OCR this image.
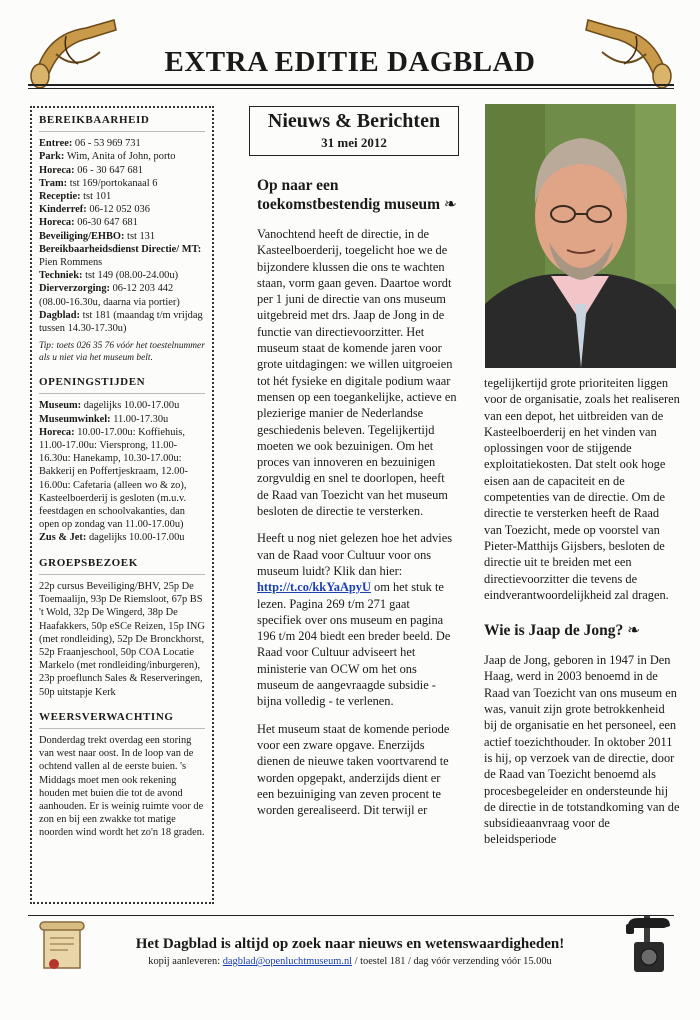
EXTRA EDITIE DAGBLAD
BEREIKBAARHEID
Entree: 06 - 53 969 731
Park: Wim, Anita of John, porto
Horeca: 06 - 30 647 681
Tram: tst 169/portokanaal 6
Receptie: tst 101
Kinderref: 06-12 052 036
Horeca: 06-30 647 681
Beveiliging/EHBO: tst 131
Bereikbaarheidsdienst Directie/ MT: Pien Rommens
Techniek: tst 149 (08.00-24.00u)
Dierverzorging: 06-12 203 442 (08.00-16.30u, daarna via portier)
Dagblad: tst 181 (maandag t/m vrijdag tussen 14.30-17.30u)
Tip: toets 026 35 76 vóór het toestelnummer als u niet via het museum belt.
OPENINGSTIJDEN
Museum: dagelijks 10.00-17.00u
Museumwinkel: 11.00-17.30u
Horeca: 10.00-17.00u: Koffiehuis, 11.00-17.00u: Viersprong, 11.00-16.30u: Hanekamp, 10.30-17.00u: Bakkerij en Poffertjeskraam, 12.00-16.00u: Cafetaria (alleen wo & zo), Kasteelboerderij is gesloten (m.u.v. feestdagen en schoolvakanties, dan open op zondag van 11.00-17.00u)
Zus & Jet: dagelijks 10.00-17.00u
GROEPSBEZOEK
22p cursus Beveiliging/BHV, 25p De Toemaalijn, 93p De Riemsloot, 67p BS 't Wold, 32p De Wingerd, 38p De Haafakkers, 50p eSCe Reizen, 15p ING (met rondleiding), 52p De Bronckhorst, 52p Fraanjeschool, 50p COA Locatie Markelo (met rondleiding/inburgeren), 23p proeflunch Sales & Reserveringen, 50p uitstapje Kerk
WEERSVERWACHTING
Donderdag trekt overdag een storing van west naar oost. In de loop van de ochtend vallen al de eerste buien. 's Middags moet men ook rekening houden met buien die tot de avond aanhouden. Er is weinig ruimte voor de zon en bij een zwakke tot matige noorden wind wordt het zo'n 18 graden.
Nieuws & Berichten
31 mei 2012
Op naar een toekomstbestendig museum ❧

Vanochtend heeft de directie, in de Kasteelboerderij, toegelicht hoe we de bijzondere klussen die ons te wachten staan, vorm gaan geven. Daartoe wordt per 1 juni de directie van ons museum uitgebreid met drs. Jaap de Jong in de functie van directievoorzitter. Het museum staat de komende jaren voor grote uitdagingen: we willen uitgroeien tot hét fysieke en digitale podium waar mensen op een toegankelijke, actieve en plezierige manier de Nederlandse geschiedenis beleven. Tegelijkertijd moeten we ook bezuinigen. Om het proces van innoveren en bezuinigen zorgvuldig en snel te doorlopen, heeft de Raad van Toezicht van het museum besloten de directie te versterken.

Heeft u nog niet gelezen hoe het advies van de Raad voor Cultuur voor ons museum luidt? Klik dan hier: http://t.co/kkYaApyU om het stuk te lezen. Pagina 269 t/m 271 gaat specifiek over ons museum en pagina 196 t/m 204 biedt een breder beeld. De Raad voor Cultuur adviseert het ministerie van OCW om het ons museum de aangevraagde subsidie - bijna volledig - te verlenen.

Het museum staat de komende periode voor een zware opgave. Enerzijds dienen de nieuwe taken voortvarend te worden opgepakt, anderzijds dient er een bezuiniging van zeven procent te worden gerealiseerd. Dit terwijl er

tegelijkertijd grote prioriteiten liggen voor de organisatie, zoals het realiseren van een depot, het uitbreiden van de Kasteelboerderij en het vinden van oplossingen voor de stijgende exploitatiekosten. Dat stelt ook hoge eisen aan de capaciteit en de competenties van de directie. Om de directie te versterken heeft de Raad van Toezicht, mede op voorstel van Pieter-Matthijs Gijsbers, besloten de directie uit te breiden met een directievoorzitter die tevens de eindverantwoordelijkheid zal dragen.

Wie is Jaap de Jong? ❧

Jaap de Jong, geboren in 1947 in Den Haag, werd in 2003 benoemd in de Raad van Toezicht van ons museum en was, vanuit zijn grote betrokkenheid bij de organisatie en het personeel, een actief toezichthouder. In oktober 2011 is hij, op verzoek van de directie, door de Raad van Toezicht benoemd als procesbegeleider en ondersteunde hij de directie in de totstandkoming van de subsidieaanvraag voor de beleidsperiode

Het Dagblad is altijd op zoek naar nieuws en wetenswaardigheden!
kopij aanleveren: dagblad@openluchtmuseum.nl / toestel 181 / dag vóór verzending vóór 15.00u
